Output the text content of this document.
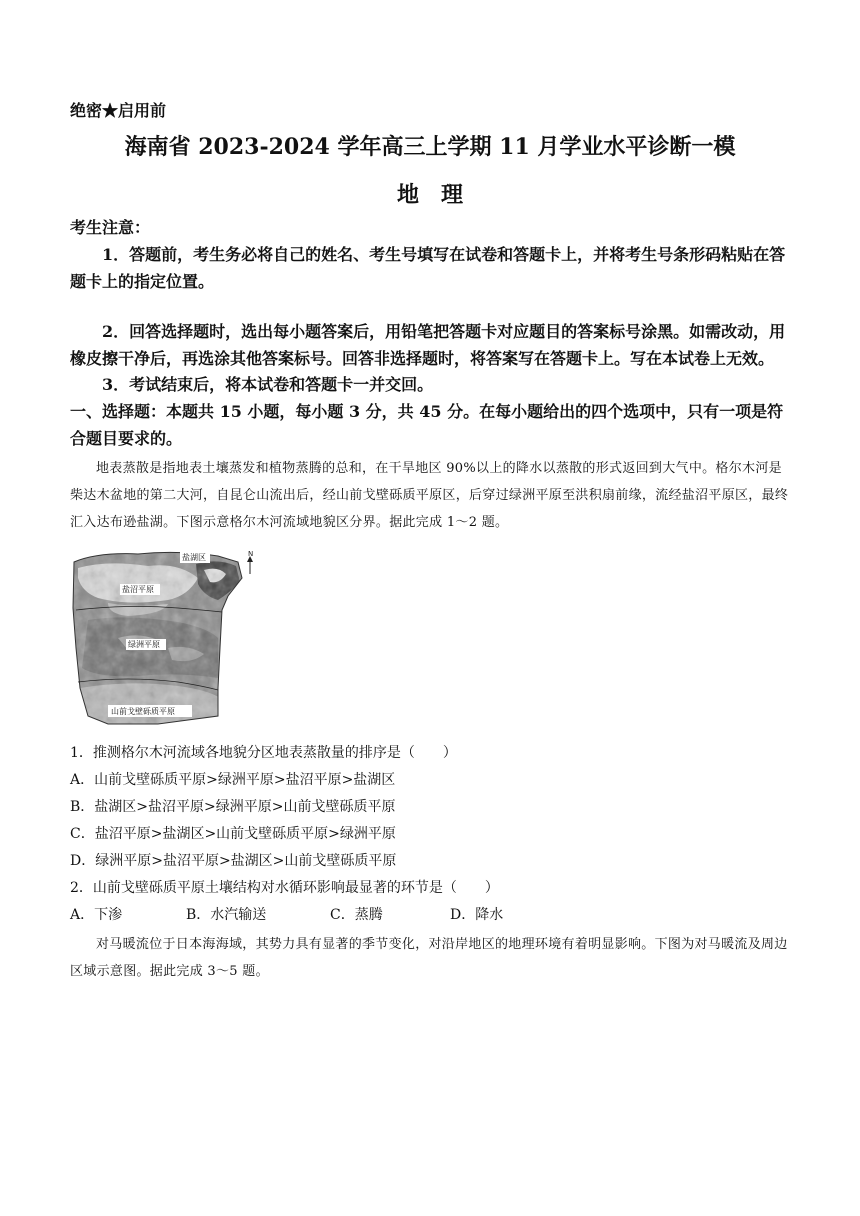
绝密★启用前
海南省 2023-2024 学年高三上学期 11 月学业水平诊断一模
地理
考生注意：
1．答题前，考生务必将自己的姓名、考生号填写在试卷和答题卡上，并将考生号条形码粘贴在答题卡上的指定位置。
2．回答选择题时，选出每小题答案后，用铅笔把答题卡对应题目的答案标号涂黑。如需改动，用橡皮擦干净后，再选涂其他答案标号。回答非选择题时，将答案写在答题卡上。写在本试卷上无效。
3．考试结束后，将本试卷和答题卡一并交回。
一、选择题：本题共 15 小题，每小题 3 分，共 45 分。在每小题给出的四个选项中，只有一项是符合题目要求的。
地表蒸散是指地表土壤蒸发和植物蒸腾的总和，在干旱地区 90%以上的降水以蒸散的形式返回到大气中。格尔木河是柴达木盆地的第二大河，自昆仑山流出后，经山前戈壁砾质平原区，后穿过绿洲平原至洪积扇前缘，流经盐沼平原区，最终汇入达布逊盐湖。下图示意格尔木河流域地貌区分界。据此完成 1～2 题。
N
盐湖区
盐沼平原
绿洲平原
山前戈壁砾质平原
1．推测格尔木河流域各地貌分区地表蒸散量的排序是（　　）
A．山前戈壁砾质平原>绿洲平原>盐沼平原>盐湖区
B．盐湖区>盐沼平原>绿洲平原>山前戈壁砾质平原
C．盐沼平原>盐湖区>山前戈壁砾质平原>绿洲平原
D．绿洲平原>盐沼平原>盐湖区>山前戈壁砾质平原
2．山前戈壁砾质平原土壤结构对水循环影响最显著的环节是（　　）
A．下渗	B．水汽输送	C．蒸腾	D．降水
对马暖流位于日本海海域，其势力具有显著的季节变化，对沿岸地区的地理环境有着明显影响。下图为对马暖流及周边区域示意图。据此完成 3～5 题。
